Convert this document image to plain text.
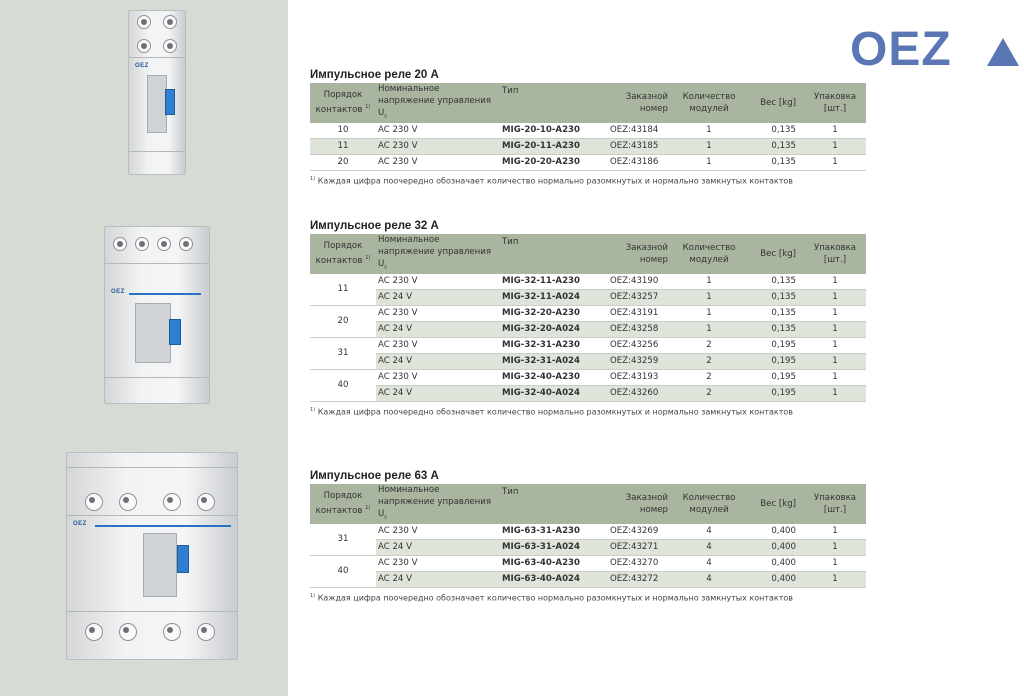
OEZ
OEZ
OEZ
OEZ
Импульсное реле 20 A
Порядок контактов $^{1)}$	Номинальное напряжение управления $U_s$	Тип	Заказной номер	Количество модулей	Вес [kg]	Упаковка [шт.]
10	AC 230 V	MIG-20-10-A230	OEZ:43184	1	0,135	1
11	AC 230 V	MIG-20-11-A230	OEZ:43185	1	0,135	1
20	AC 230 V	MIG-20-20-A230	OEZ:43186	1	0,135	1
$^{1)}$ Каждая цифра поочередно обозначает количество нормально разомкнутых и нормально замкнутых контактов
Импульсное реле 32 A
Порядок контактов $^{1)}$	Номинальное напряжение управления $U_s$	Тип	Заказной номер	Количество модулей	Вес [kg]	Упаковка [шт.]
11	AC 230 V	MIG-32-11-A230	OEZ:43190	1	0,135	1
	AC 24 V	MIG-32-11-A024	OEZ:43257	1	0,135	1
20	AC 230 V	MIG-32-20-A230	OEZ:43191	1	0,135	1
	AC 24 V	MIG-32-20-A024	OEZ:43258	1	0,135	1
31	AC 230 V	MIG-32-31-A230	OEZ:43256	2	0,195	1
	AC 24 V	MIG-32-31-A024	OEZ:43259	2	0,195	1
40	AC 230 V	MIG-32-40-A230	OEZ:43193	2	0,195	1
	AC 24 V	MIG-32-40-A024	OEZ:43260	2	0,195	1
$^{1)}$ Каждая цифра поочередно обозначает количество нормально разомкнутых и нормально замкнутых контактов
Импульсное реле 63 A
Порядок контактов $^{1)}$	Номинальное напряжение управления $U_s$	Тип	Заказной номер	Количество модулей	Вес [kg]	Упаковка [шт.]
31	AC 230 V	MIG-63-31-A230	OEZ:43269	4	0,400	1
	AC 24 V	MIG-63-31-A024	OEZ:43271	4	0,400	1
40	AC 230 V	MIG-63-40-A230	OEZ:43270	4	0,400	1
	AC 24 V	MIG-63-40-A024	OEZ:43272	4	0,400	1
$^{1)}$ Каждая цифра поочередно обозначает количество нормально разомкнутых и нормально замкнутых контактов
